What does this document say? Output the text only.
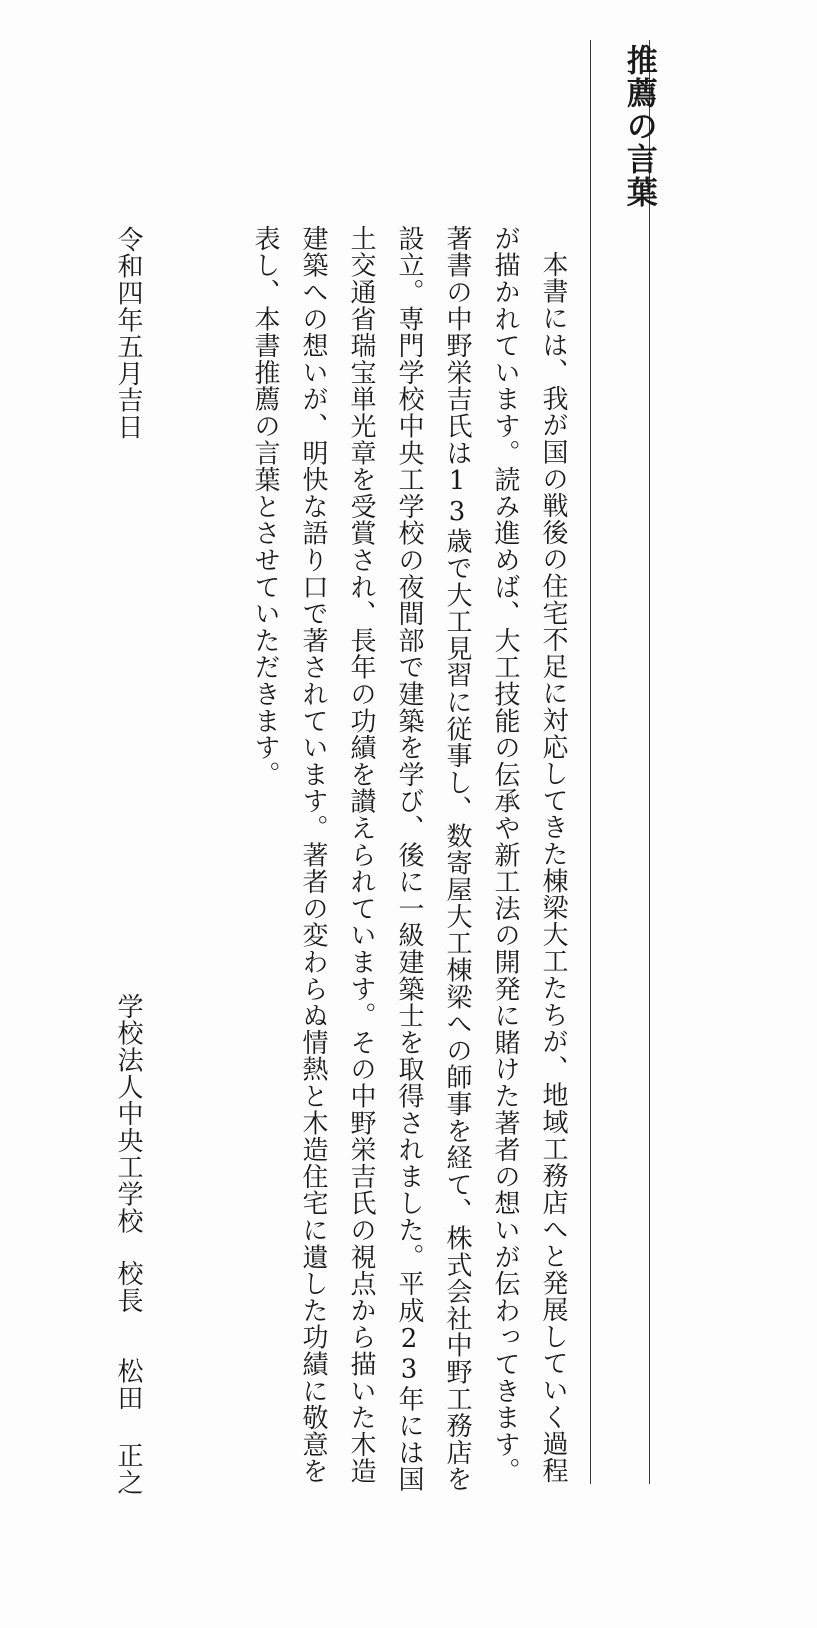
推薦の言葉

本書には、我が国の戦後の住宅不足に対応してきた棟梁大工たちが、地域工務店へと発展していく過程が描かれています。読み進めば、大工技能の伝承や新工法の開発に賭けた著者の想いが伝わってきます。著書の中野栄吉氏は13歳で大工見習に従事し、数寄屋大工棟梁への師事を経て、株式会社中野工務店を設立。専門学校中央工学校の夜間部で建築を学び、後に一級建築士を取得されました。平成23年には国土交通省瑞宝単光章を受賞され、長年の功績を讃えられています。その中野栄吉氏の視点から描いた木造建築への想いが、明快な語り口で著されています。著者の変わらぬ情熱と木造住宅に遺した功績に敬意を表し、本書推薦の言葉とさせていただきます。

令和四年五月吉日
学校法人中央工学校校長松田 正之
